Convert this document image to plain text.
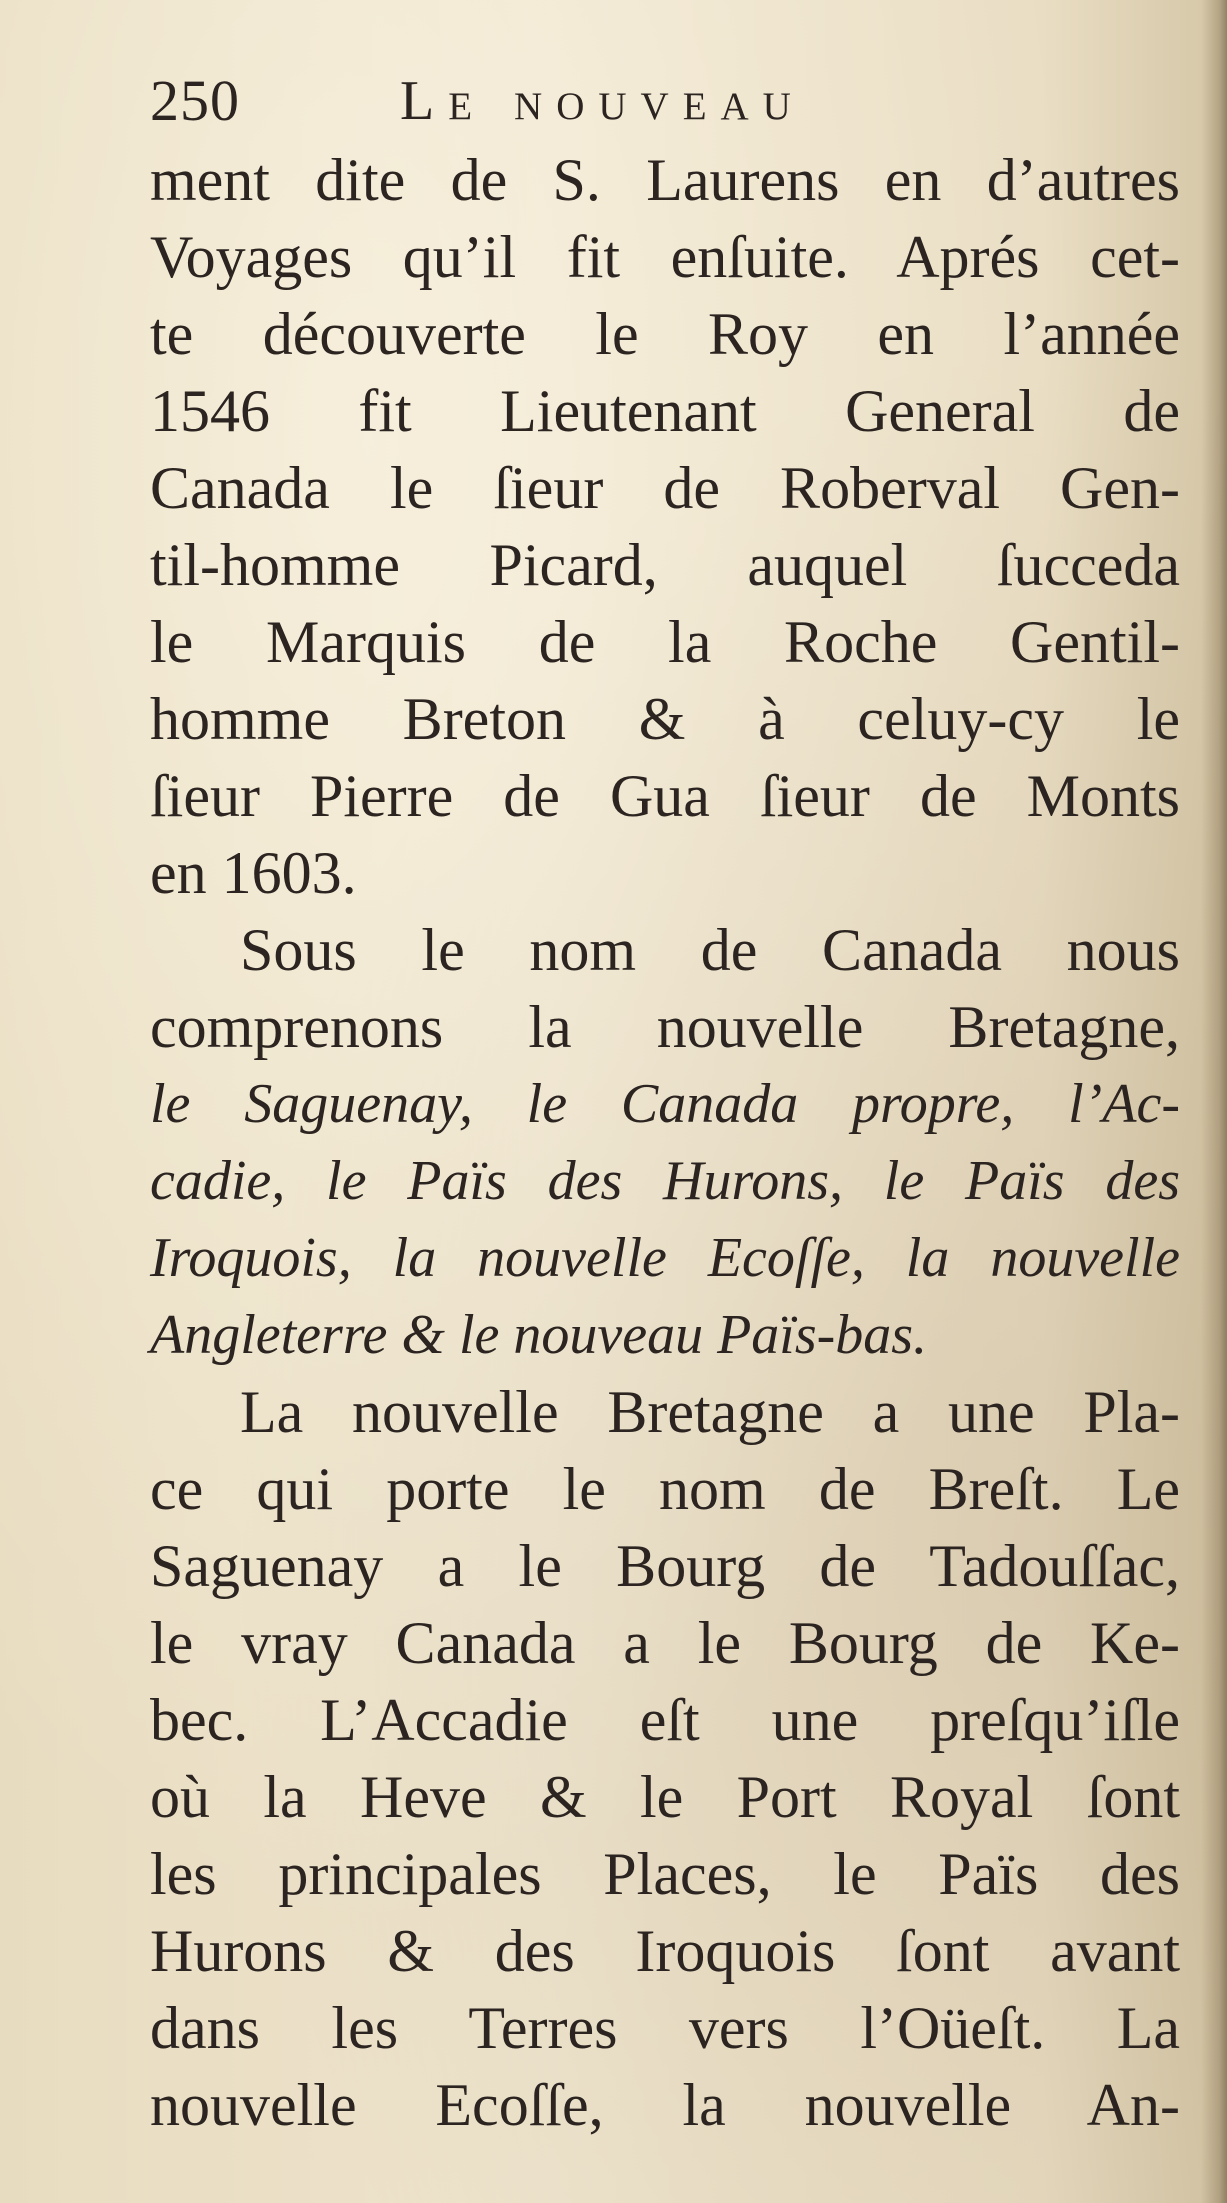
250	Le nouveau
ment dite de S. Laurens en d’autres
Voyages qu’il fit enſuite. Aprés cet-
te découverte le Roy en l’année
1546 fit Lieutenant General de
Canada le ſieur de Roberval Gen-
til-homme Picard, auquel ſucceda
le Marquis de la Roche Gentil-
homme Breton & à celuy-cy le
ſieur Pierre de Gua ſieur de Monts
en 1603.
Sous le nom de Canada nous
comprenons la nouvelle Bretagne,
le Saguenay, le Canada propre, l’Ac-
cadie, le Païs des Hurons, le Païs des
Iroquois, la nouvelle Ecoſſe, la nouvelle
Angleterre & le nouveau Païs-bas.
La nouvelle Bretagne a une Pla-
ce qui porte le nom de Breſt. Le
Saguenay a le Bourg de Tadouſſac,
le vray Canada a le Bourg de Ke-
bec. L’Accadie eſt une preſqu’iſle
où la Heve & le Port Royal ſont
les principales Places, le Païs des
Hurons & des Iroquois ſont avant
dans les Terres vers l’Oüeſt. La
nouvelle Ecoſſe, la nouvelle An-
